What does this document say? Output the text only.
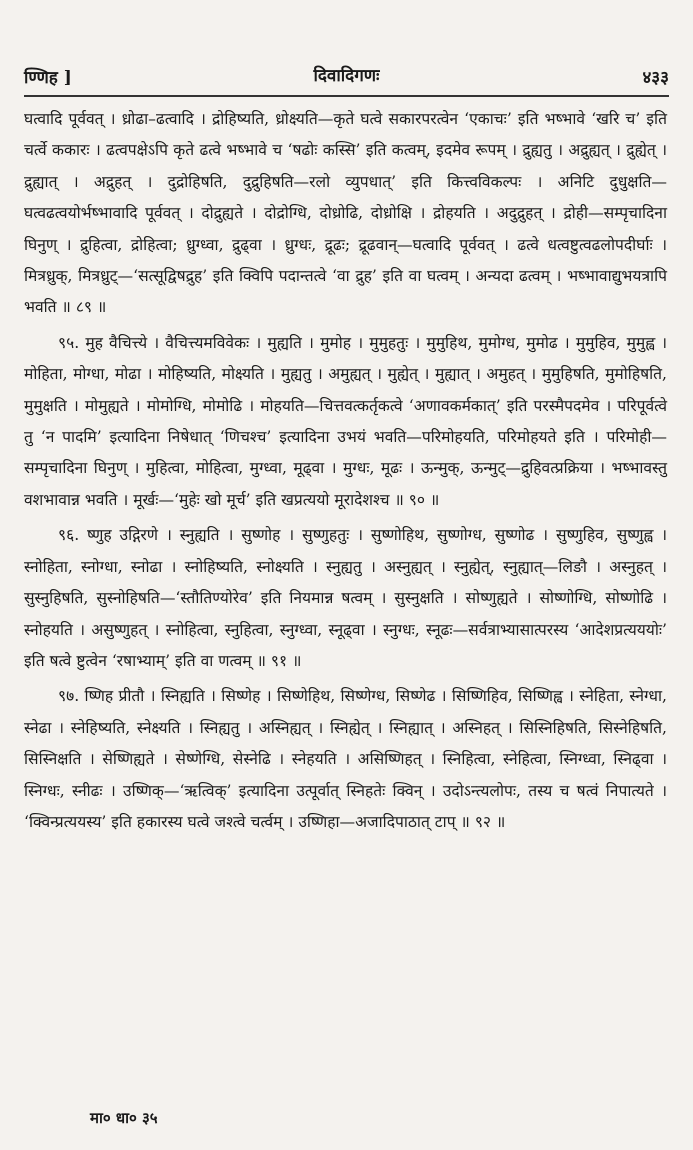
ण्णिह ]	दिवादिगणः	४३३

घत्वादि पूर्ववत् । ध्रोढा–ढत्वादि । द्रोहिष्यति, ध्रोक्ष्यति—कृते घत्वे सकारपरत्वेन ‘एकाचः’ इति भष्भावे ‘खरि च’ इति चर्त्वे ककारः । ढत्वपक्षेऽपि कृते ढत्वे भष्भावे च ‘षढोः कस्सि’ इति कत्वम्, इदमेव रूपम् । द्रुह्यतु । अद्रुह्यत् । द्रुह्येत् । द्रुह्यात् । अद्रुहत् । दुद्रोहिषति, दुद्रुहिषति—रलो व्युपधात्’ इति कित्त्वविकल्पः । अनिटि दुधुक्षति—घत्वढत्वयोर्भष्भावादि पूर्ववत् । दोद्रुह्यते । दोद्रोग्धि, दोध्रोढि, दोध्रोक्षि । द्रोहयति । अदुद्रुहत् । द्रोही—सम्पृचादिना घिनुण् । द्रुहित्वा, द्रोहित्वा; ध्रुग्ध्वा, द्रुढ्वा । ध्रुग्धः, द्रूढः; द्रूढवान्—घत्वादि पूर्ववत् । ढत्वे धत्वष्टुत्वढलोपदीर्घाः । मित्रध्रुक्, मित्रध्रुट्—‘सत्सूद्विषद्रुह’ इति क्विपि पदान्तत्वे ‘वा द्रुह’ इति वा घत्वम् । अन्यदा ढत्वम् । भष्भावाद्युभयत्रापि भवति ॥ ८९ ॥

९५. मुह वैचित्त्ये । वैचित्त्यमविवेकः । मुह्यति । मुमोह । मुमुहतुः । मुमुहिथ, मुमोग्ध, मुमोढ । मुमुहिव, मुमुह्व । मोहिता, मोग्धा, मोढा । मोहिष्यति, मोक्ष्यति । मुह्यतु । अमुह्यत् । मुह्येत् । मुह्यात् । अमुहत् । मुमुहिषति, मुमोहिषति, मुमुक्षति । मोमुह्यते । मोमोग्धि, मोमोढि । मोहयति—चित्तवत्कर्तृकत्वे ‘अणावकर्मकात्’ इति परस्मैपदमेव । परिपूर्वत्वे तु ‘न पादमि’ इत्यादिना निषेधात् ‘णिचश्च’ इत्यादिना उभयं भवति—परिमोहयति, परिमोहयते इति । परिमोही—सम्पृचादिना घिनुण् । मुहित्वा, मोहित्वा, मुग्ध्वा, मूढ्वा । मुग्धः, मूढः । ऊन्मुक्, ऊन्मुट्—द्रुहिवत्प्रक्रिया । भष्भावस्तु वशभावान्न भवति । मूर्खः—‘मुहेः खो मूर्च’ इति खप्रत्ययो मूरादेशश्च ॥ ९० ॥

९६. ष्णुह उद्गिरणे । स्नुह्यति । सुष्णोह । सुष्णुहतुः । सुष्णोहिथ, सुष्णोग्ध, सुष्णोढ । सुष्णुहिव, सुष्णुह्व । स्नोहिता, स्नोग्धा, स्नोढा । स्नोहिष्यति, स्नोक्ष्यति । स्नुह्यतु । अस्नुह्यत् । स्नुह्येत्, स्नुह्यात्—लिङौ । अस्नुहत् । सुस्नुहिषति, सुस्नोहिषति—‘स्तौतिण्योरेव’ इति नियमान्न षत्वम् । सुस्नुक्षति । सोष्णुह्यते । सोष्णोग्धि, सोष्णोढि । स्नोहयति । असुष्णुहत् । स्नोहित्वा, स्नुहित्वा, स्नुग्ध्वा, स्नूढ्वा । स्नुग्धः, स्नूढः—सर्वत्राभ्यासात्परस्य ‘आदेशप्रत्यययोः’ इति षत्वे ष्टुत्वेन ‘रषाभ्याम्’ इति वा णत्वम् ॥ ९१ ॥

९७. ष्णिह प्रीतौ । स्निह्यति । सिष्णेह । सिष्णेहिथ, सिष्णेग्ध, सिष्णेढ । सिष्णिहिव, सिष्णिह्व । स्नेहिता, स्नेग्धा, स्नेढा । स्नेहिष्यति, स्नेक्ष्यति । स्निह्यतु । अस्निह्यत् । स्निह्येत् । स्निह्यात् । अस्निहत् । सिस्निहिषति, सिस्नेहिषति, सिस्निक्षति । सेष्णिह्यते । सेष्णेग्धि, सेस्नेढि । स्नेहयति । असिष्णिहत् । स्निहित्वा, स्नेहित्वा, स्निग्ध्वा, स्निढ्वा । स्निग्धः, स्नीढः । उष्णिक्—‘ऋत्विक्’ इत्यादिना उत्पूर्वात् स्निहतेः क्विन् । उदोऽन्त्यलोपः, तस्य च षत्वं निपात्यते । ‘क्विन्प्रत्ययस्य’ इति हकारस्य घत्वे जश्त्वे चर्त्वम् । उष्णिहा—अजादिपाठात् टाप् ॥ ९२ ॥

मा० धा० ३५
